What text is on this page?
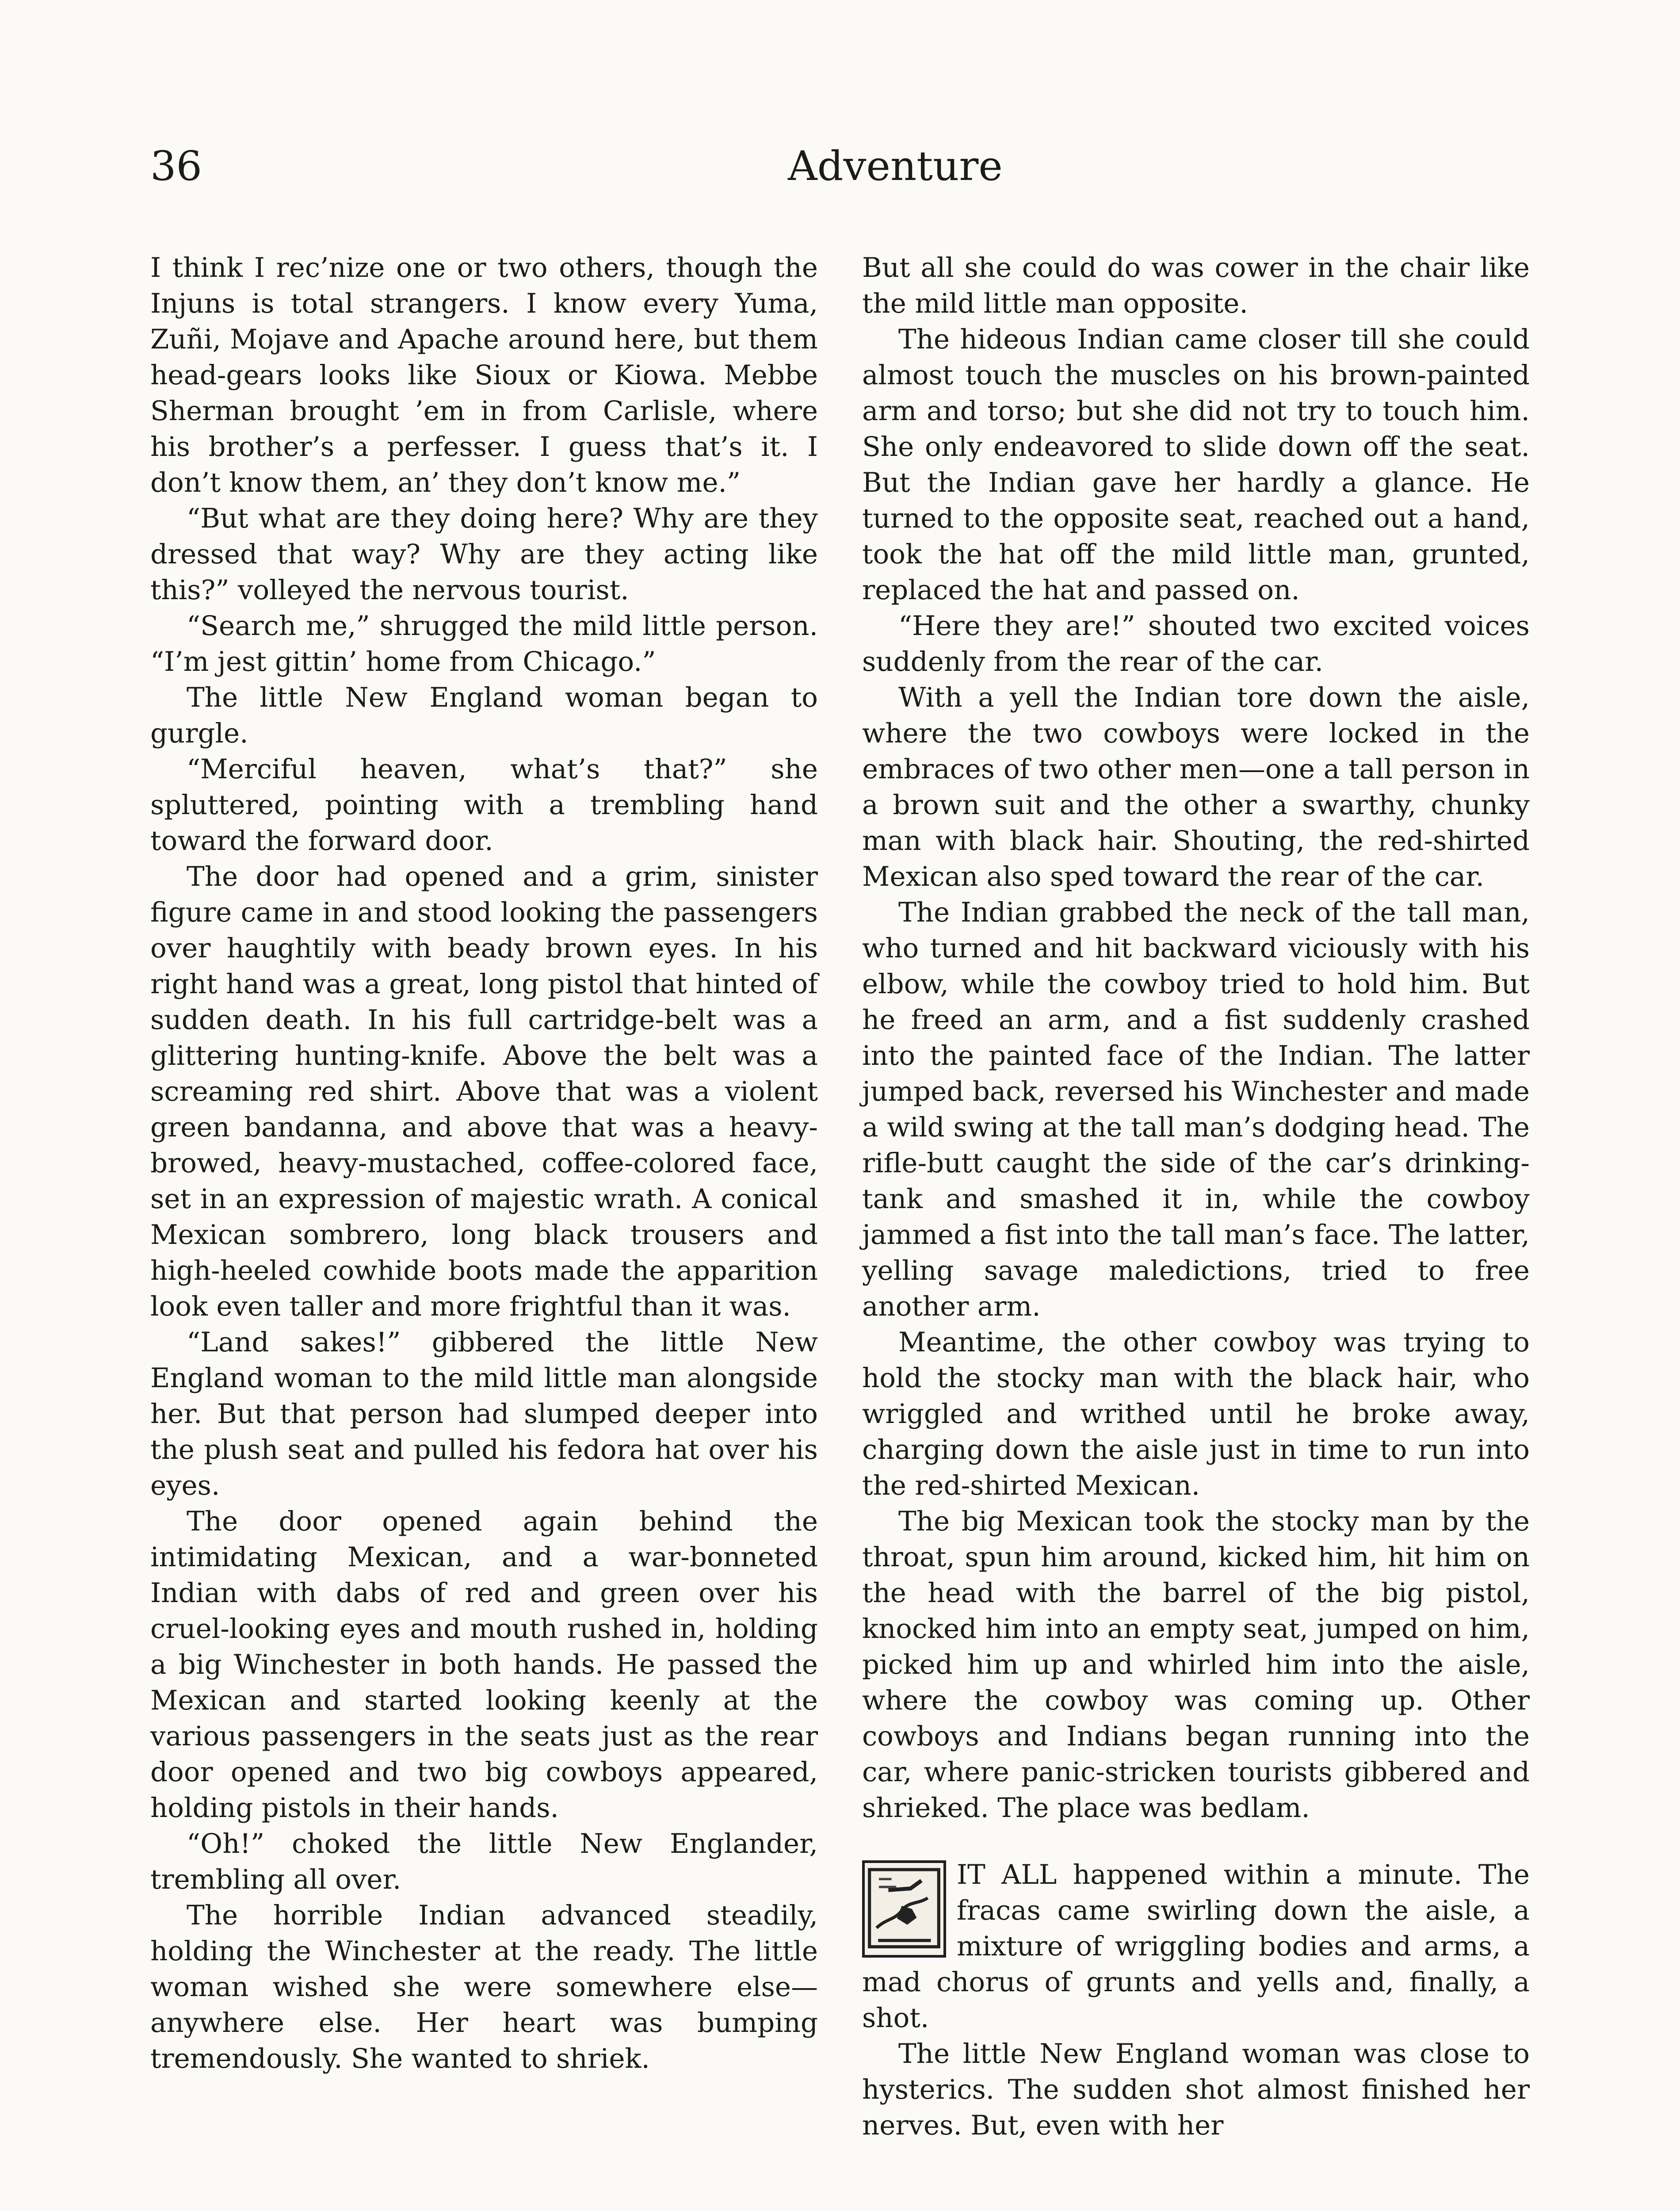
36	Adventure

I think I rec’nize one or two others, though the Injuns is total strangers. I know every Yuma, Zuñi, Mojave and Apache around here, but them head-gears looks like Sioux or Kiowa. Mebbe Sherman brought ’em in from Carlisle, where his brother’s a perfesser. I guess that’s it. I don’t know them, an’ they don’t know me.”

“But what are they doing here? Why are they dressed that way? Why are they acting like this?” volleyed the nervous tourist.

“Search me,” shrugged the mild little person. “I’m jest gittin’ home from Chicago.”

The little New England woman began to gurgle.

“Merciful heaven, what’s that?” she spluttered, pointing with a trembling hand toward the forward door.

The door had opened and a grim, sinister figure came in and stood looking the passengers over haughtily with beady brown eyes. In his right hand was a great, long pistol that hinted of sudden death. In his full cartridge-belt was a glittering hunting-knife. Above the belt was a screaming red shirt. Above that was a violent green bandanna, and above that was a heavy-browed, heavy-mustached, coffee-colored face, set in an expression of majestic wrath. A conical Mexican sombrero, long black trousers and high-heeled cowhide boots made the apparition look even taller and more frightful than it was.

“Land sakes!” gibbered the little New England woman to the mild little man alongside her. But that person had slumped deeper into the plush seat and pulled his fedora hat over his eyes.

The door opened again behind the intimidating Mexican, and a war-bonneted Indian with dabs of red and green over his cruel-looking eyes and mouth rushed in, holding a big Winchester in both hands. He passed the Mexican and started looking keenly at the various passengers in the seats just as the rear door opened and two big cowboys appeared, holding pistols in their hands.

“Oh!” choked the little New Englander, trembling all over.

The horrible Indian advanced steadily, holding the Winchester at the ready. The little woman wished she were somewhere else—anywhere else. Her heart was bumping tremendously. She wanted to shriek.

But all she could do was cower in the chair like the mild little man opposite.

The hideous Indian came closer till she could almost touch the muscles on his brown-painted arm and torso; but she did not try to touch him. She only endeavored to slide down off the seat. But the Indian gave her hardly a glance. He turned to the opposite seat, reached out a hand, took the hat off the mild little man, grunted, replaced the hat and passed on.

“Here they are!” shouted two excited voices suddenly from the rear of the car.

With a yell the Indian tore down the aisle, where the two cowboys were locked in the embraces of two other men—one a tall person in a brown suit and the other a swarthy, chunky man with black hair. Shouting, the red-shirted Mexican also sped toward the rear of the car.

The Indian grabbed the neck of the tall man, who turned and hit backward viciously with his elbow, while the cowboy tried to hold him. But he freed an arm, and a fist suddenly crashed into the painted face of the Indian. The latter jumped back, reversed his Winchester and made a wild swing at the tall man’s dodging head. The rifle-butt caught the side of the car’s drinking-tank and smashed it in, while the cowboy jammed a fist into the tall man’s face. The latter, yelling savage maledictions, tried to free another arm.

Meantime, the other cowboy was trying to hold the stocky man with the black hair, who wriggled and writhed until he broke away, charging down the aisle just in time to run into the red-shirted Mexican.

The big Mexican took the stocky man by the throat, spun him around, kicked him, hit him on the head with the barrel of the big pistol, knocked him into an empty seat, jumped on him, picked him up and whirled him into the aisle, where the cowboy was coming up. Other cowboys and Indians began running into the car, where panic-stricken tourists gibbered and shrieked. The place was bedlam.

IT ALL happened within a minute. The fracas came swirling down the aisle, a mixture of wriggling bodies and arms, a mad chorus of grunts and yells and, finally, a shot.

The little New England woman was close to hysterics. The sudden shot almost finished her nerves. But, even with her
